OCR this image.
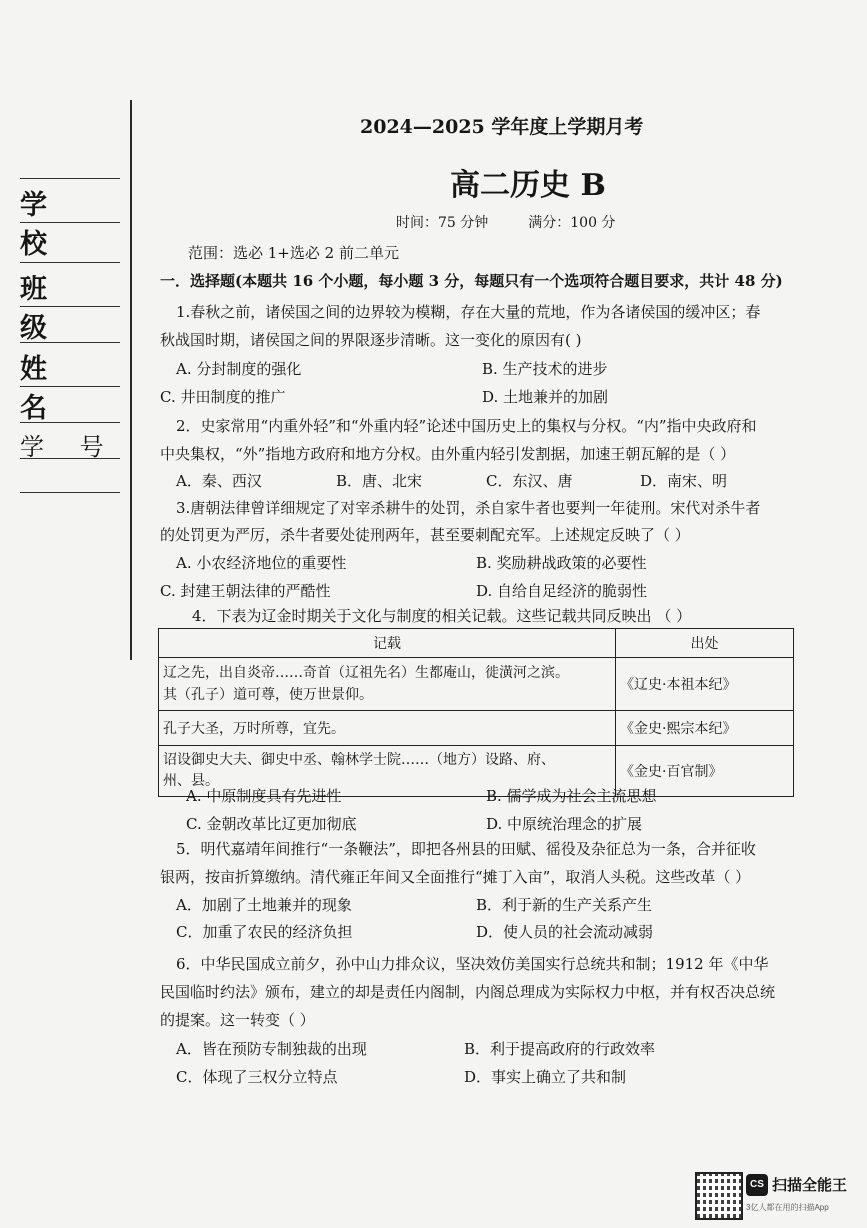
学 校
班 级
姓 名
学 号
2024—2025 学年度上学期月考
高二历史 B
时间：75 分钟	满分：100 分
范围：选必 1+选必 2 前二单元
一．选择题(本题共 16 个小题，每小题 3 分，每题只有一个选项符合题目要求，共计 48 分)
1.春秋之前，诸侯国之间的边界较为模糊，存在大量的荒地，作为各诸侯国的缓冲区；春
秋战国时期，诸侯国之间的界限逐步清晰。这一变化的原因有( )
A. 分封制度的强化	B. 生产技术的进步
C. 井田制度的推广	D. 土地兼并的加剧
2．史家常用“内重外轻”和“外重内轻”论述中国历史上的集权与分权。“内”指中央政府和
中央集权，“外”指地方政府和地方分权。由外重内轻引发割据，加速王朝瓦解的是（ ）
A．秦、西汉	B．唐、北宋	C．东汉、唐	D．南宋、明
3.唐朝法律曾详细规定了对宰杀耕牛的处罚，杀自家牛者也要判一年徒刑。宋代对杀牛者
的处罚更为严厉，杀牛者要处徒刑两年，甚至要刺配充军。上述规定反映了（ ）
A. 小农经济地位的重要性	B. 奖励耕战政策的必要性
C. 封建王朝法律的严酷性	D. 自给自足经济的脆弱性
4．下表为辽金时期关于文化与制度的相关记载。这些记载共同反映出 （ ）
记载	出处
辽之先，出自炎帝……奇首（辽祖先名）生都庵山，徙潢河之滨。
其（孔子）道可尊，使万世景仰。	《辽史·本祖本纪》
孔子大圣，万时所尊，宜先。	《金史·熙宗本纪》
诏设御史大夫、御史中丞、翰林学士院……（地方）设路、府、
州、县。	《金史·百官制》
A. 中原制度具有先进性	B. 儒学成为社会主流思想
C. 金朝改革比辽更加彻底	D. 中原统治理念的扩展
5．明代嘉靖年间推行“一条鞭法”，即把各州县的田赋、徭役及杂征总为一条，合并征收
银两，按亩折算缴纳。清代雍正年间又全面推行“摊丁入亩”，取消人头税。这些改革（ ）
A．加剧了土地兼并的现象	B．利于新的生产关系产生
C．加重了农民的经济负担	D．使人员的社会流动减弱
6．中华民国成立前夕，孙中山力排众议，坚决效仿美国实行总统共和制；1912 年《中华
民国临时约法》颁布，建立的却是责任内阁制，内阁总理成为实际权力中枢，并有权否决总统
的提案。这一转变（ ）
A．皆在预防专制独裁的出现	B．利于提高政府的行政效率
C．体现了三权分立特点	D．事实上确立了共和制
CS 扫描全能王
3亿人都在用的扫描App
